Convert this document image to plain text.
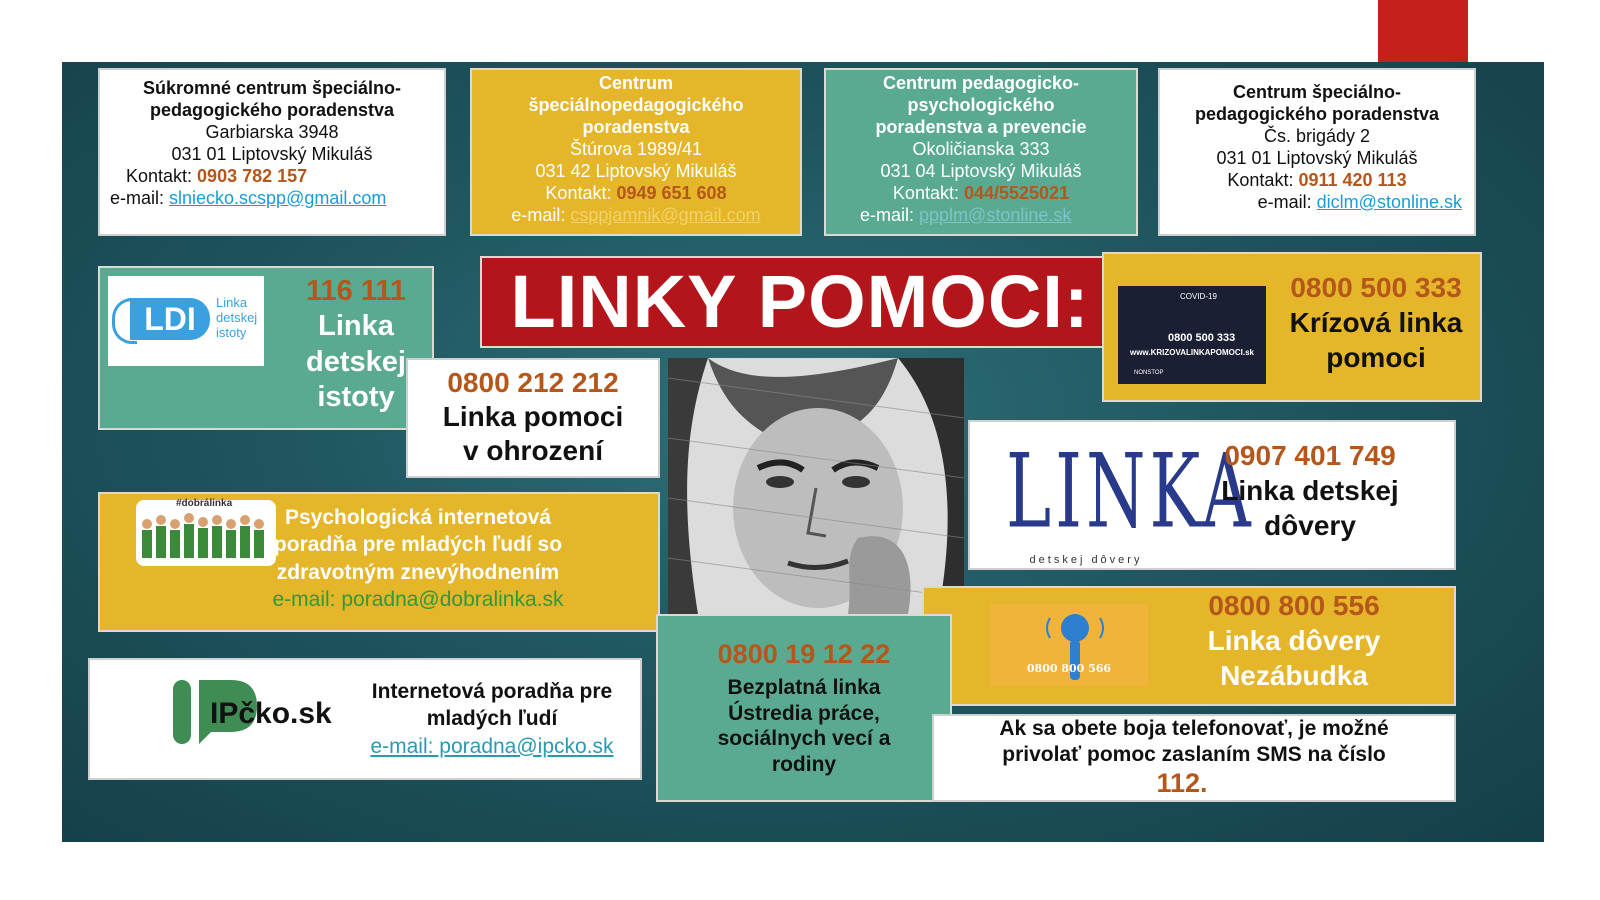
Súkromné centrum špeciálno-
pedagogického poradenstva
Garbiarska 3948
031 01 Liptovský Mikuláš
Kontakt: 0903 782 157
e-mail: slniecko.scspp@gmail.com
Centrum
špeciálnopedagogického
poradenstva
Štúrova 1989/41
031 42 Liptovský Mikuláš
Kontakt: 0949 651 608
e-mail: csppjamnik@gmail.com
Centrum pedagogicko-
psychologického
poradenstva a prevencie
Okoličianska 333
031 04 Liptovský Mikuláš
Kontakt: 044/5525021
e-mail: ppplm@stonline.sk
Centrum špeciálno-
pedagogického poradenstva
Čs. brigády 2
031 01 Liptovský Mikuláš
Kontakt: 0911 420 113
e-mail: diclm@stonline.sk
LDI	Linka
detskej
istoty
116 111
Linka
detskej
istoty
LINKY POMOCI:
0800 212 212
Linka pomoci
v ohrození
COVID-19
0800 500 333
www.KRIZOVALINKAPOMOCI.sk
NONSTOP
0800 500 333
Krízová linka
pomoci
LINKA
detskej dôvery
0907 401 749
Linka detskej
dôvery
#dobrálinka
Psychologická internetová
poradňa pre mladých ľudí so
zdravotným znevýhodnením
e-mail: poradna@dobralinka.sk
0800 800 566
0800 800 556
Linka dôvery
Nezábudka
IPčko.sk
Internetová poradňa pre
mladých ľudí
e-mail: poradna@ipcko.sk
0800 19 12 22
Bezplatná linka
Ústredia práce,
sociálnych vecí a
rodiny
Ak sa obete boja telefonovať, je možné
privolať pomoc zaslaním SMS na číslo
112.
